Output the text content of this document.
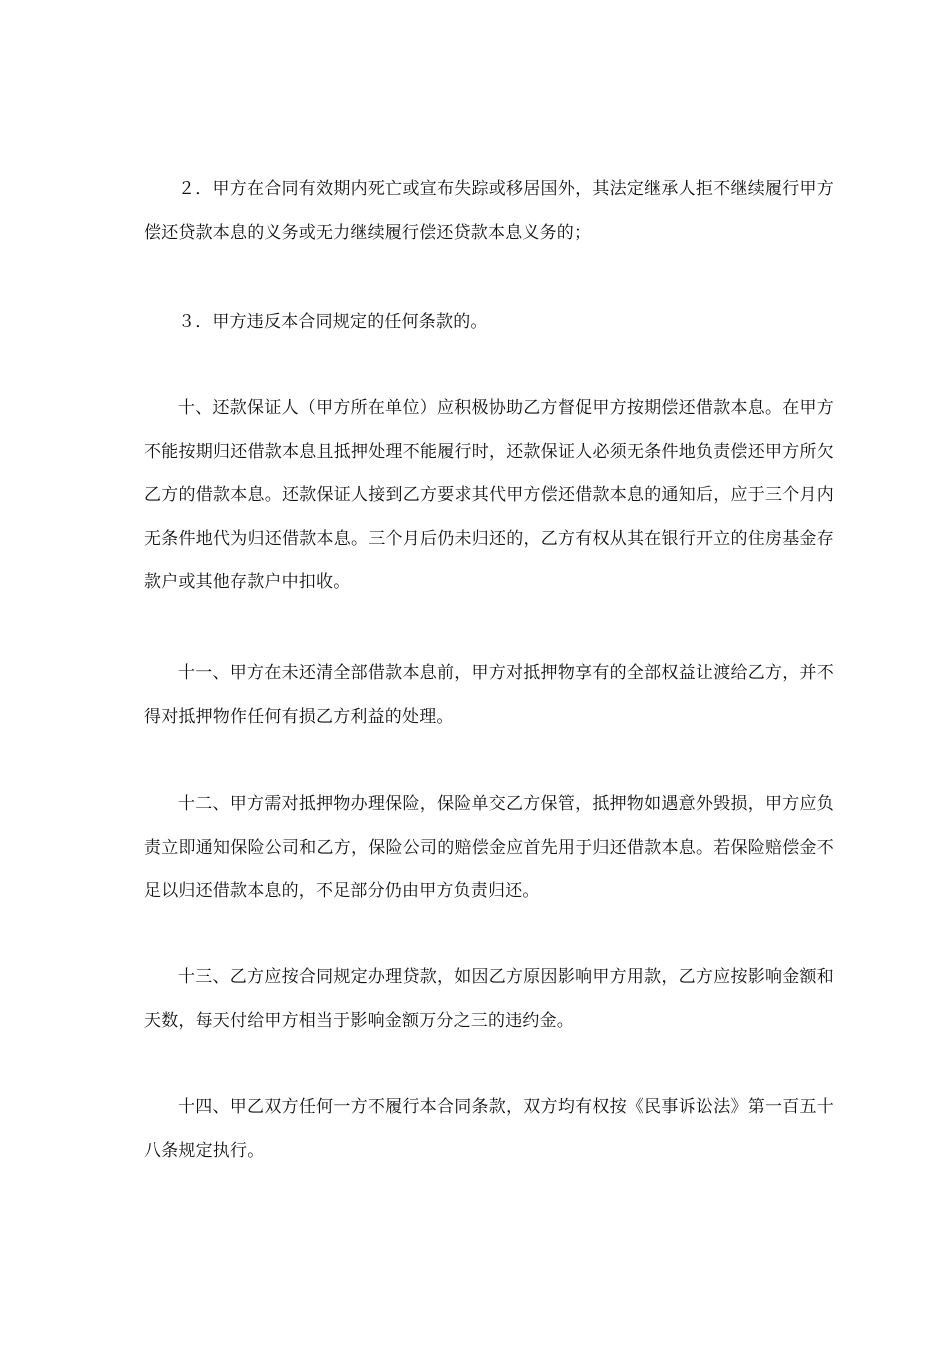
２．甲方在合同有效期内死亡或宣布失踪或移居国外，其法定继承人拒不继续履行甲方偿还贷款本息的义务或无力继续履行偿还贷款本息义务的；

３．甲方违反本合同规定的任何条款的。

十、还款保证人（甲方所在单位）应积极协助乙方督促甲方按期偿还借款本息。在甲方不能按期归还借款本息且抵押处理不能履行时，还款保证人必须无条件地负责偿还甲方所欠乙方的借款本息。还款保证人接到乙方要求其代甲方偿还借款本息的通知后，应于三个月内无条件地代为归还借款本息。三个月后仍未归还的，乙方有权从其在银行开立的住房基金存款户或其他存款户中扣收。

十一、甲方在未还清全部借款本息前，甲方对抵押物享有的全部权益让渡给乙方，并不得对抵押物作任何有损乙方利益的处理。

十二、甲方需对抵押物办理保险，保险单交乙方保管，抵押物如遇意外毁损，甲方应负责立即通知保险公司和乙方，保险公司的赔偿金应首先用于归还借款本息。若保险赔偿金不足以归还借款本息的，不足部分仍由甲方负责归还。

十三、乙方应按合同规定办理贷款，如因乙方原因影响甲方用款，乙方应按影响金额和天数，每天付给甲方相当于影响金额万分之三的违约金。

十四、甲乙双方任何一方不履行本合同条款，双方均有权按《民事诉讼法》第一百五十八条规定执行。
